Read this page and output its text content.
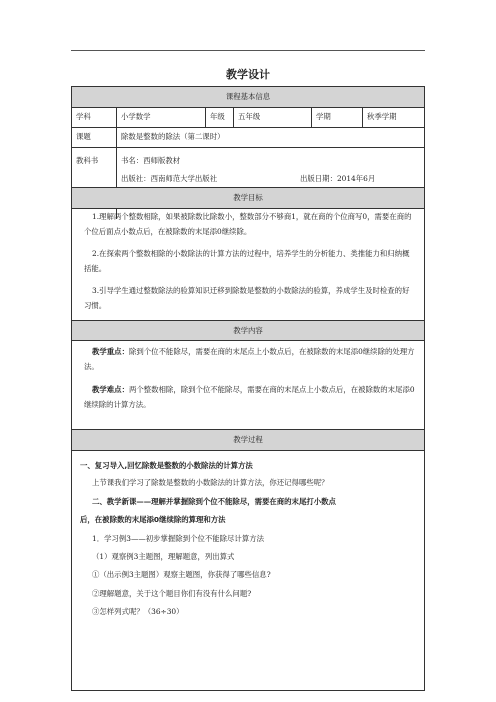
教学设计
课程基本信息
学科	小学数学	年级 五年级	学期	秋季学期
课题	除数是整数的除法（第二课时）
教科书	书名：西师版教材
出版社：西南师范大学出版社	出版日期：2014年6月
教学目标
1.理解两个整数相除，如果被除数比除数小，整数部分不够商1，就在商的个位商写0，需要在商的个位后面点小数点后，在被除数的末尾添0继续除。
2.在探索两个整数相除的小数除法的计算方法的过程中，培养学生的分析能力、类推能力和归纳概括能。
3.引导学生通过整数除法的验算知识迁移到除数是整数的小数除法的验算，养成学生及时检查的好习惯。
教学内容
教学重点：除到个位不能除尽，需要在商的末尾点上小数点后，在被除数的末尾添0继续除的处理方法。
教学难点：两个整数相除，除到个位不能除尽，需要在商的末尾点上小数点后，在被除数的末尾添0继续除的计算方法。
教学过程
一、复习导入,回忆除数是整数的小数除法的计算方法
上节课我们学习了除数是整数的小数除法的计算方法，你还记得哪些呢？
二、教学新课——理解并掌握除到个位不能除尽，需要在商的末尾打小数点
后，在被除数的末尾添0继续除的算理和方法
1．学习例3——初步掌握除到个位不能除尽计算方法
（1）观察例3主题图，理解题意，列出算式
①（出示例3主题图）观察主题图，你获得了哪些信息?
②理解题意，关于这个题目你们有没有什么问题?
③怎样列式呢？（36÷30）
